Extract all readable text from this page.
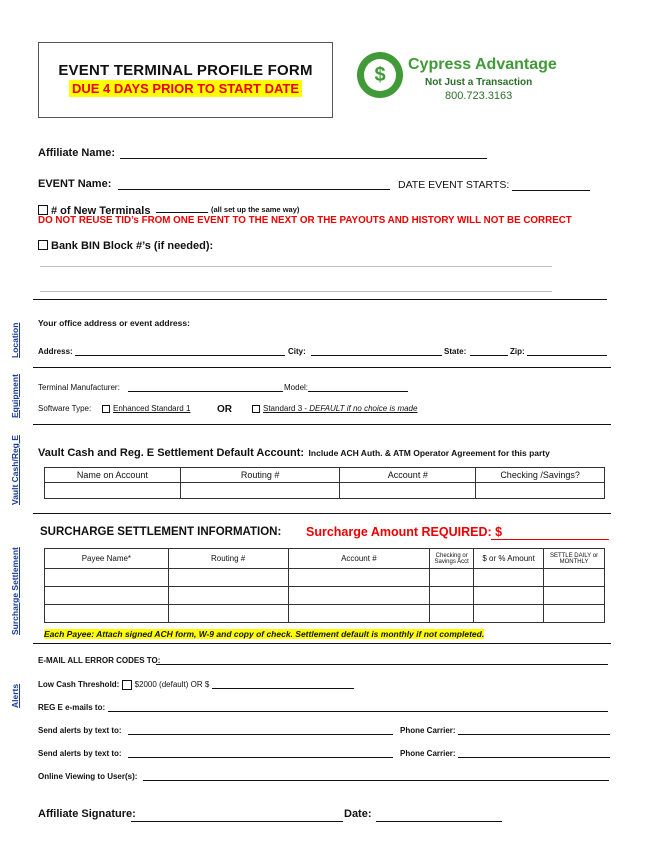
EVENT TERMINAL PROFILE FORM
DUE 4 DAYS PRIOR TO START DATE
$	Cypress Advantage
Not Just a Transaction
800.723.3163
Affiliate Name:
EVENT Name:	DATE EVENT STARTS:
# of New Terminals	(all set up the same way)
DO NOT REUSE TID’s FROM ONE EVENT TO THE NEXT OR THE PAYOUTS AND HISTORY WILL NOT BE CORRECT
Bank BIN Block #’s (if needed):
Location Your office address or event address:
Address:	City:	State:	Zip:
Equipment Terminal Manufacturer:	Model:
Software Type:	Enhanced Standard 1	OR	Standard 3 - DEFAULT if no choice is made
Vault Cash/Reg E Vault Cash and Reg. E Settlement Default Account: Include ACH Auth. & ATM Operator Agreement for this party
Name on Account	Routing #	Account #	Checking /Savings?

Surcharge Settlement
SURCHARGE SETTLEMENT INFORMATION: Surcharge Amount REQUIRED: $
Payee Name*	Routing #	Account #	Checking or Savings Acct	$ or % Amount	SETTLE DAILY or MONTHLY

Each Payee: Attach signed ACH form, W-9 and copy of check. Settlement default is monthly if not completed.
Alerts
E-MAIL ALL ERROR CODES TO:
Low Cash Threshold: $2000 (default) OR $
REG E e-mails to:
Send alerts by text to:	Phone Carrier:
Send alerts by text to:	Phone Carrier:
Online Viewing to User(s):
Affiliate Signature:	Date:
